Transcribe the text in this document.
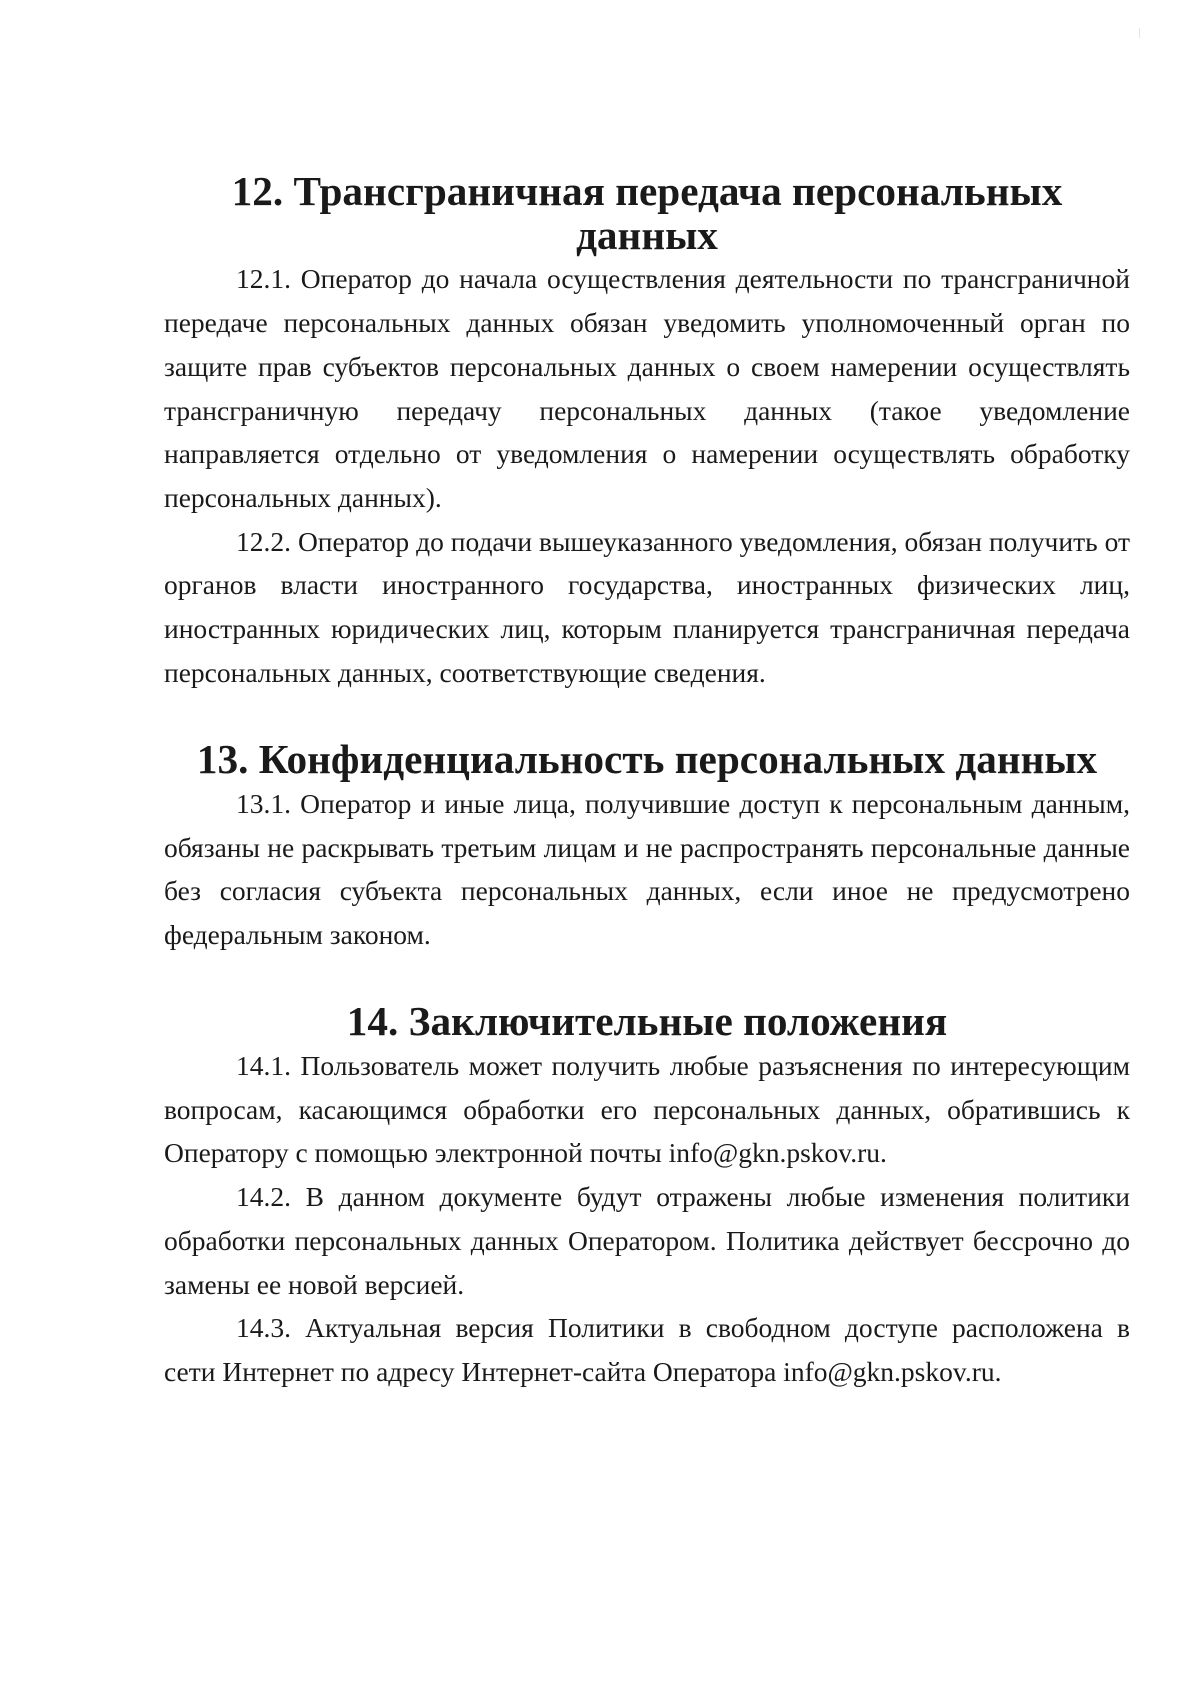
12. Трансграничная передача персональных данных

12.1. Оператор до начала осуществления деятельности по трансграничной передаче персональных данных обязан уведомить уполномоченный орган по защите прав субъектов персональных данных о своем намерении осуществлять трансграничную передачу персональных данных (такое уведомление направляется отдельно от уведомления о намерении осуществлять обработку персональных данных).

12.2. Оператор до подачи вышеуказанного уведомления, обязан получить от органов власти иностранного государства, иностранных физических лиц, иностранных юридических лиц, которым планируется трансграничная передача персональных данных, соответствующие сведения.

13. Конфиденциальность персональных данных

13.1. Оператор и иные лица, получившие доступ к персональным данным, обязаны не раскрывать третьим лицам и не распространять персональные данные без согласия субъекта персональных данных, если иное не предусмотрено федеральным законом.

14. Заключительные положения

14.1. Пользователь может получить любые разъяснения по интересующим вопросам, касающимся обработки его персональных данных, обратившись к Оператору с помощью электронной почты info@gkn.pskov.ru.

14.2. В данном документе будут отражены любые изменения политики обработки персональных данных Оператором. Политика действует бессрочно до замены ее новой версией.

14.3. Актуальная версия Политики в свободном доступе расположена в сети Интернет по адресу Интернет-сайта Оператора info@gkn.pskov.ru.
